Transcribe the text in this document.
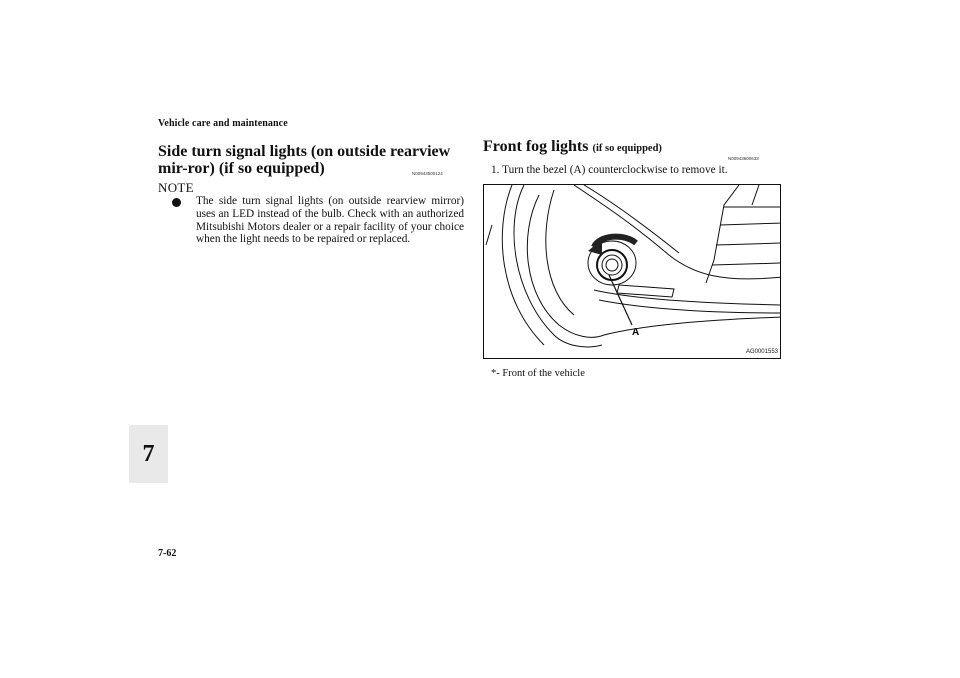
Vehicle care and maintenance
7
7-62
Side turn signal lights (on outside rearview mir-ror) (if so equipped)	N00943500124
NOTE
The side turn signal lights (on outside rearview mirror) uses an LED instead of the bulb. Check with an authorized Mitsubishi Motors dealer or a repair facility of your choice when the light needs to be repaired or replaced.
Front fog lights (if so equipped)
N00943600633
1. Turn the bezel (A) counterclockwise to remove it.
A
AG0001553
*- Front of the vehicle
